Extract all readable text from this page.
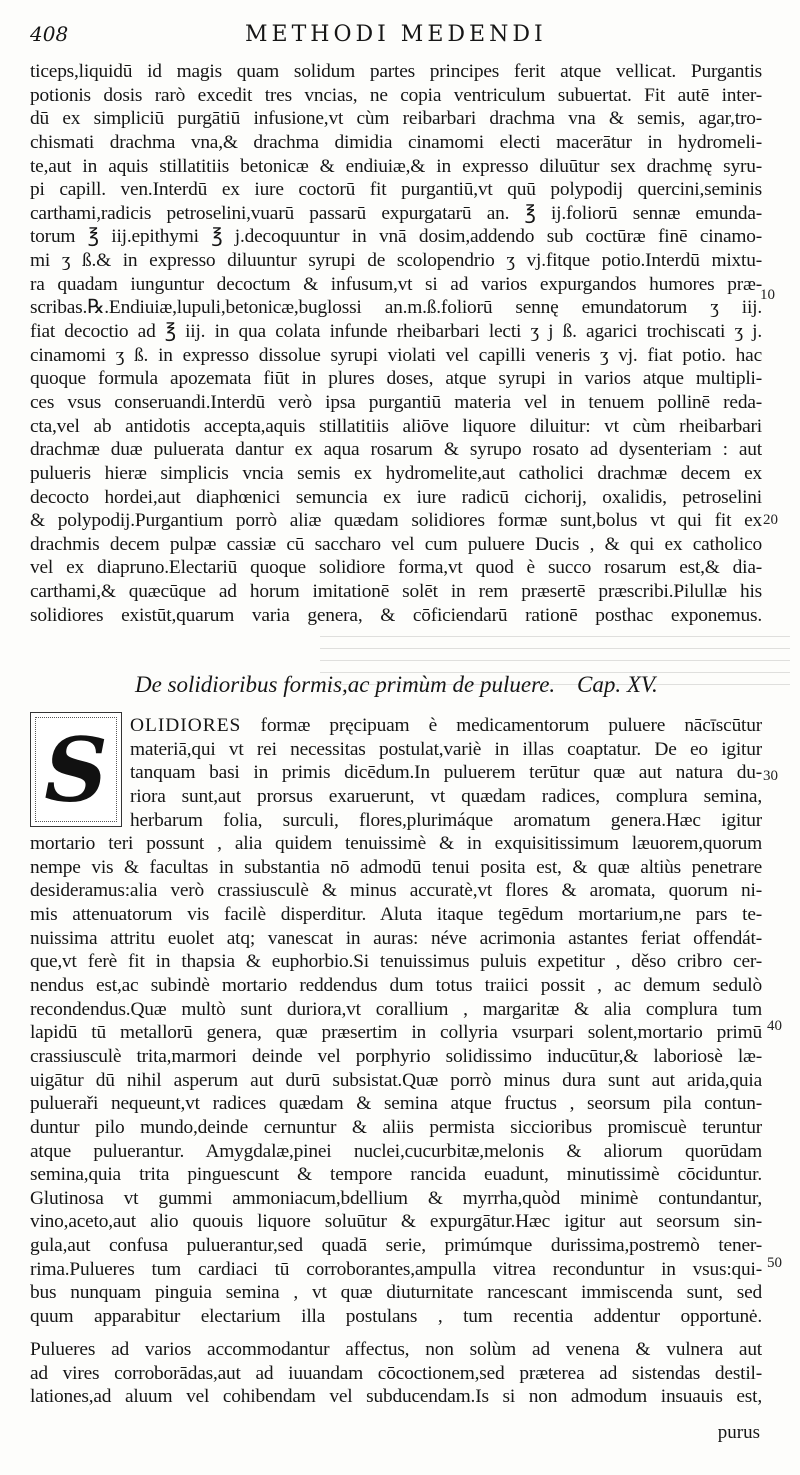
408	METHODI MEDENDI
ticeps,liquidū id magis quam solidum partes principes ferit atque vellicat. Purgantis
potionis dosis rarò excedit tres vncias, ne copia ventriculum subuertat. Fit autē inter-
dū ex simpliciū purgātiū infusione,vt cùm reibarbari drachma vna & semis, agar,tro-
chismati drachma vna,& drachma dimidia cinamomi electi macerātur in hydromeli-
te,aut in aquis stillatitiis betonicæ & endiuiæ,& in expresso diluūtur sex drachmę syru-
pi capill. ven.Interdū ex iure coctorū fit purgantiū,vt quū polypodij quercini,seminis
carthami,radicis petroselini,vuarū passarū expurgatarū an. ℥ ij.foliorū sennæ emunda-
torum ℥ iij.epithymi ℥ j.decoquuntur in vnā dosim,addendo sub coctūræ finē cinamo-
mi ʒ ß.& in expresso diluuntur syrupi de scolopendrio ʒ vj.fitque potio.Interdū mixtu-
ra quadam iunguntur decoctum & infusum,vt si ad varios expurgandos humores præ-
scribas.℞.Endiuiæ,lupuli,betonicæ,buglossi an.m.ß.foliorū sennę emundatorum ʒ iij.
fiat decoctio ad ℥ iij. in qua colata infunde rheibarbari lecti ʒ j ß. agarici trochiscati ʒ j.
cinamomi ʒ ß. in expresso dissolue syrupi violati vel capilli veneris ʒ vj. fiat potio. hac
quoque formula apozemata fiūt in plures doses, atque syrupi in varios atque multipli-
ces vsus conseruandi.Interdū verò ipsa purgantiū materia vel in tenuem pollinē reda-
cta,vel ab antidotis accepta,aquis stillatitiis aliōve liquore diluitur: vt cùm rheibarbari
drachmæ duæ puluerata dantur ex aqua rosarum & syrupo rosato ad dysenteriam : aut
pulueris hieræ simplicis vncia semis ex hydromelite,aut catholici drachmæ decem ex
decocto hordei,aut diaphœnici semuncia ex iure radicū cichorij, oxalidis, petroselini
& polypodij.Purgantium porrò aliæ quædam solidiores formæ sunt,bolus vt qui fit ex
drachmis decem pulpæ cassiæ cū saccharo vel cum puluere Ducis , & qui ex catholico
vel ex diapruno.Electariū quoque solidiore forma,vt quod è succo rosarum est,& dia-
carthami,& quæcūque ad horum imitationē solēt in rem præsertē præscribi.Pilullæ his
solidiores existūt,quarum varia genera, & cōficiendarū rationē posthac exponemus.
De solidioribus formis,ac primùm de puluere. Cap. XV.
S	OLIDIORES formæ pręcipuam è medicamentorum puluere nācīscūtur
materiā,qui vt rei necessitas postulat,variè in illas coaptatur. De eo igitur
tanquam basi in primis dicēdum.In puluerem terūtur quæ aut natura du-
riora sunt,aut prorsus exaruerunt, vt quædam radices, complura semina,
herbarum folia, surculi, flores,plurimáque aromatum genera.Hæc igitur
mortario teri possunt , alia quidem tenuissimè & in exquisitissimum læuorem,quorum
nempe vis & facultas in substantia nō admodū tenui posita est, & quæ altiùs penetrare
desideramus:alia verò crassiusculè & minus accuratè,vt flores & aromata, quorum ni-
mis attenuatorum vis facilè disperditur. Aluta itaque tegēdum mortarium,ne pars te-
nuissima attritu euolet atq; vanescat in auras: néve acrimonia astantes feriat offendát-
que,vt ferè fit in thapsia & euphorbio.Si tenuissimus puluis expetitur , děso cribro cer-
nendus est,ac subindè mortario reddendus dum totus traiici possit , ac demum sedulò
recondendus.Quæ multò sunt duriora,vt corallium , margaritæ & alia complura tum
lapidū tū metallorū genera, quæ præsertim in collyria vsurpari solent,mortario primū
crassiusculè trita,marmori deinde vel porphyrio solidissimo inducūtur,& laboriosè læ-
uigātur dū nihil asperum aut durū subsistat.Quæ porrò minus dura sunt aut arida,quia
pulueraři nequeunt,vt radices quædam & semina atque fructus , seorsum pila contun-
duntur pilo mundo,deinde cernuntur & aliis permista siccioribus promiscuè teruntur
atque puluerantur. Amygdalæ,pinei nuclei,cucurbitæ,melonis & aliorum quorūdam
semina,quia trita pinguescunt & tempore rancida euadunt, minutissimè cōciduntur.
Glutinosa vt gummi ammoniacum,bdellium & myrrha,quòd minimè contundantur,
vino,aceto,aut alio quouis liquore soluūtur & expurgātur.Hæc igitur aut seorsum sin-
gula,aut confusa puluerantur,sed quadā serie, primúmque durissima,postremò tener-
rima.Pulueres tum cardiaci tū corroborantes,ampulla vitrea reconduntur in vsus:qui-
bus nunquam pinguia semina , vt quæ diuturnitate rancescant immiscenda sunt, sed
quum apparabitur electarium illa postulans , tum recentia addentur opportunė.
Pulueres ad varios accommodantur affectus, non solùm ad venena & vulnera aut
ad vires corroborādas,aut ad iuuandam cōcoctionem,sed præterea ad sistendas destil-
lationes,ad aluum vel cohibendam vel subducendam.Is si non admodum insuauis est,
10
20
30
40
50
purus
